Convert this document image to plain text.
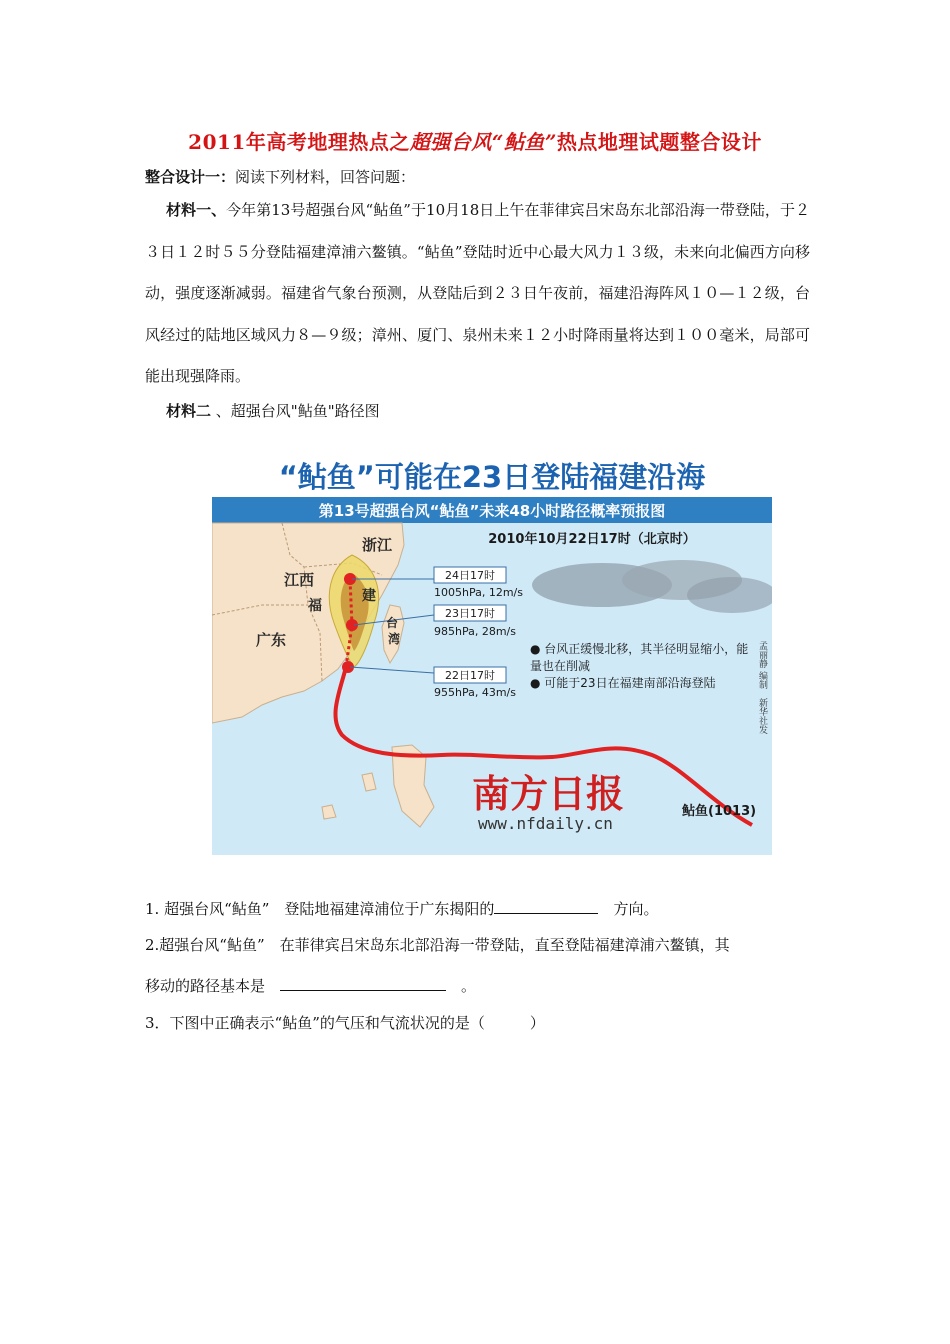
2011年高考地理热点之超强台风“鲇鱼”热点地理试题整合设计
整合设计一：阅读下列材料，回答问题：
材料一、今年第13号超强台风“鲇鱼”于10月18日上午在菲律宾吕宋岛东北部沿海一带登陆，于２３日１２时５５分登陆福建漳浦六鳌镇。“鲇鱼”登陆时近中心最大风力１３级，未来向北偏西方向移动，强度逐渐减弱。福建省气象台预测，从登陆后到２３日午夜前，福建沿海阵风１０—１２级，台风经过的陆地区域风力８—９级；漳州、厦门、泉州未来１２小时降雨量将达到１００毫米，局部可能出现强降雨。
材料二 、超强台风"鲇鱼"路径图
“鲇鱼”可能在23日登陆福建沿海
第13号超强台风“鲇鱼”未来48小时路径概率预报图
浙江
江西
福
建
广东
台
湾
2010年10月22日17时（北京时）
24日17时
1005hPa, 12m/s
23日17时
985hPa, 28m/s
22日17时
955hPa, 43m/s
● 台风正缓慢北移，其半径明显缩小，能量也在削减
● 可能于23日在福建南部沿海登陆	孟丽静 编制　新华社发
南方日报
www.nfdaily.cn
鲇鱼(1013)
1. 超强台风“鲇鱼”　登陆地福建漳浦位于广东揭阳的　	方向。
2.超强台风“鲇鱼”　在菲律宾吕宋岛东北部沿海一带登陆，直至登陆福建漳浦六鳌镇，其
移动的路径基本是　　	。
3．下图中正确表示“鲇鱼”的气压和气流状况的是（　　　）
